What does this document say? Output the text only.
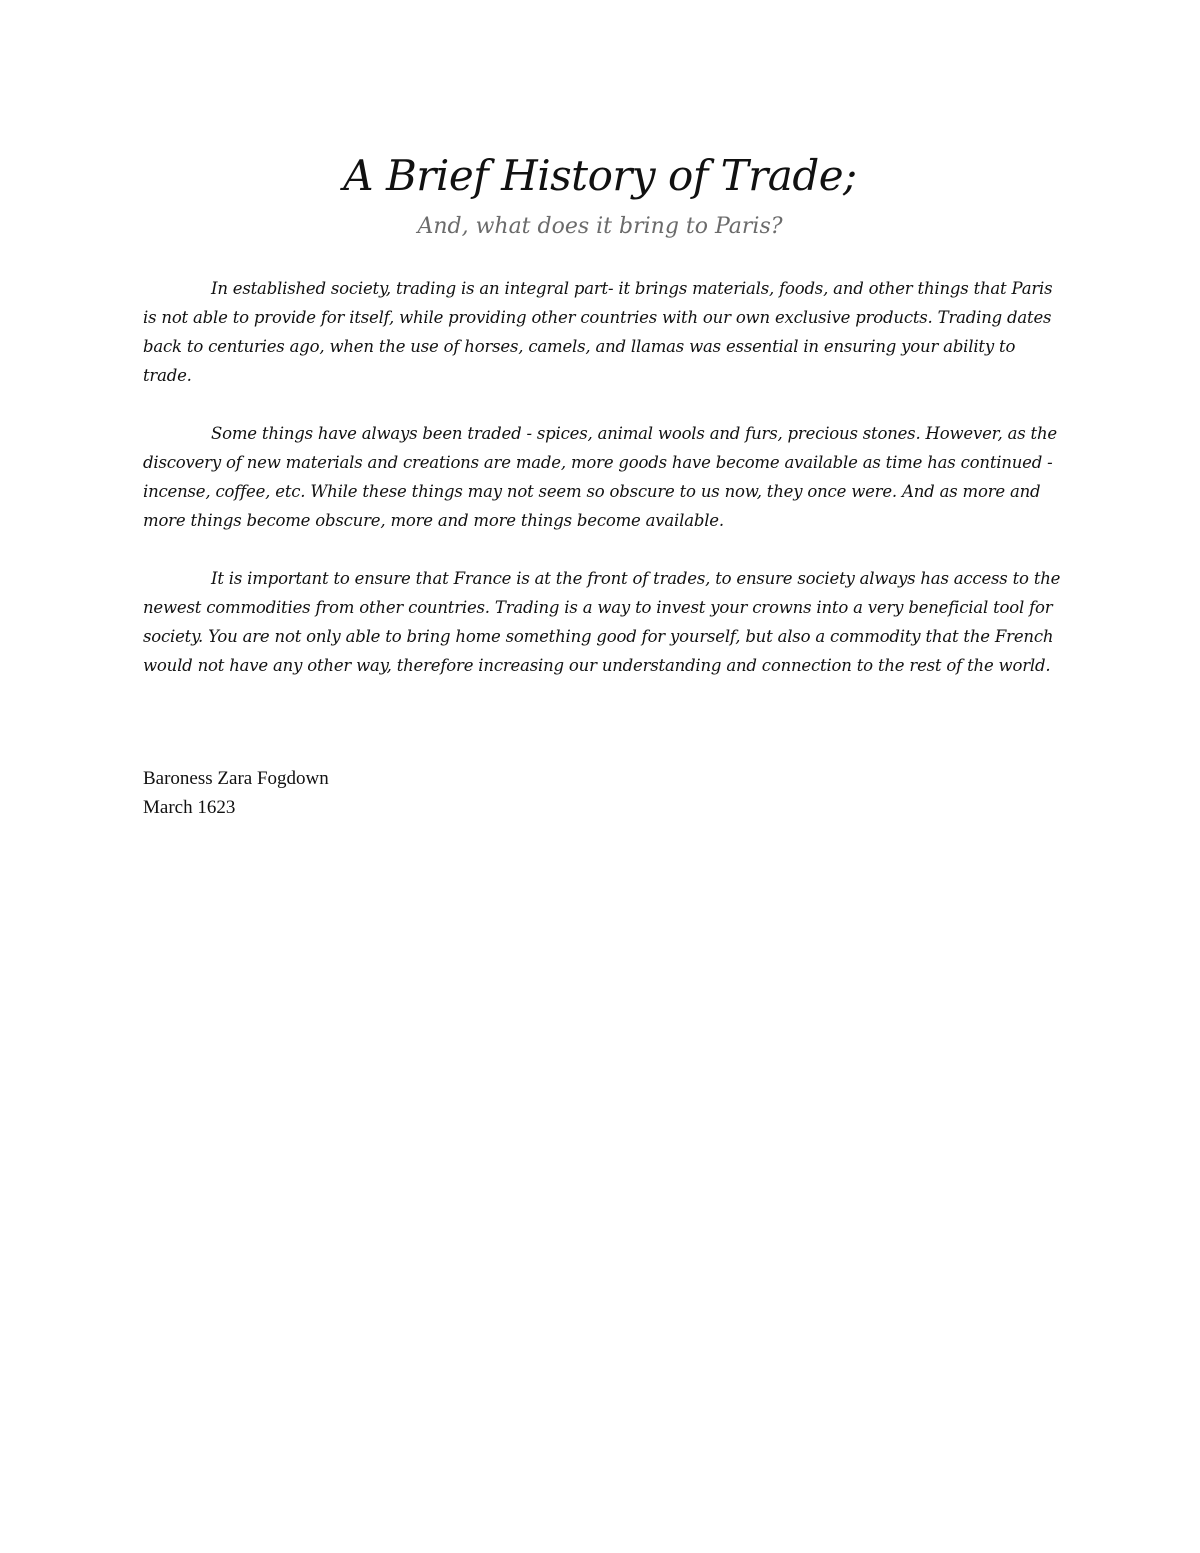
A Brief History of Trade;
And, what does it bring to Paris?

In established society, trading is an integral part- it brings materials, foods, and other things that Paris is not able to provide for itself, while providing other countries with our own exclusive products. Trading dates back to centuries ago, when the use of horses, camels, and llamas was essential in ensuring your ability to trade.

Some things have always been traded - spices, animal wools and furs, precious stones. However, as the discovery of new materials and creations are made, more goods have become available as time has continued - incense, coffee, etc. While these things may not seem so obscure to us now, they once were. And as more and more things become obscure, more and more things become available.

It is important to ensure that France is at the front of trades, to ensure society always has access to the newest commodities from other countries. Trading is a way to invest your crowns into a very beneficial tool for society. You are not only able to bring home something good for yourself, but also a commodity that the French would not have any other way, therefore increasing our understanding and connection to the rest of the world.

Baroness Zara Fogdown
March 1623
